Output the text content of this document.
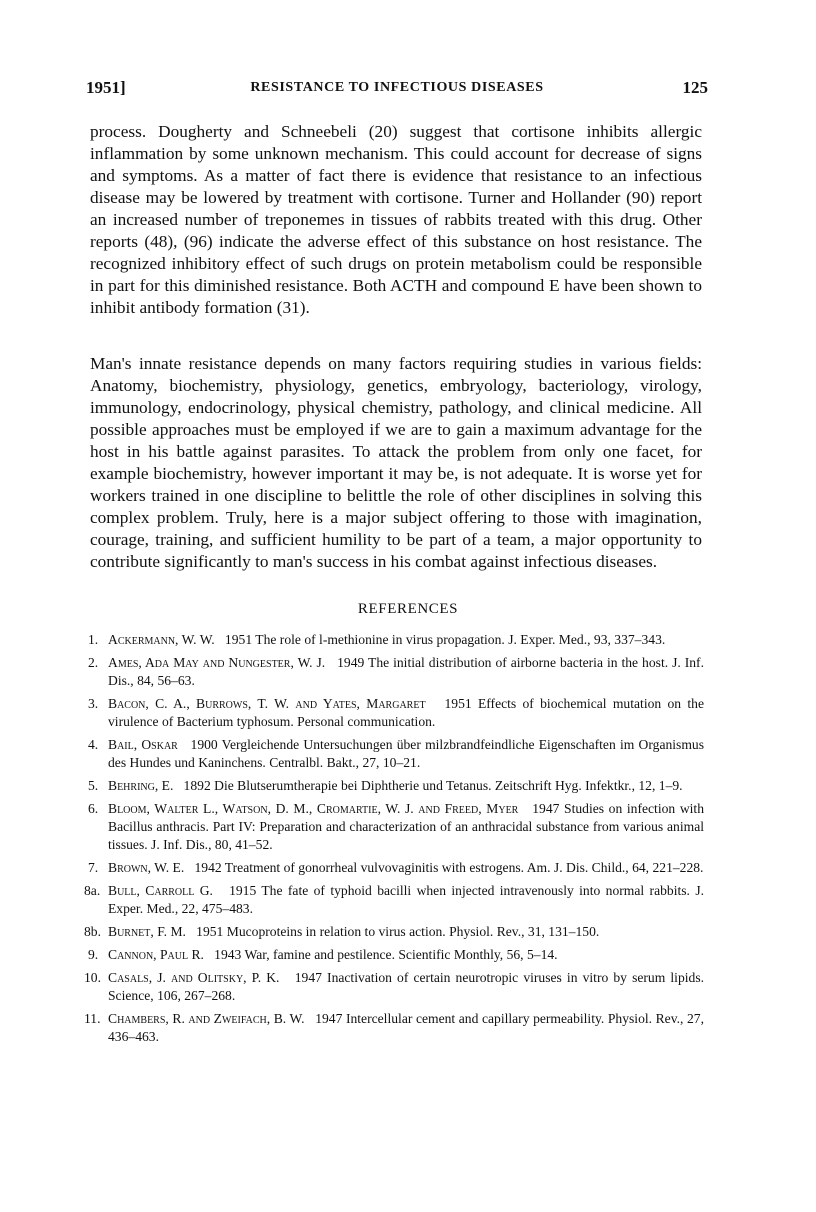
1951]	RESISTANCE TO INFECTIOUS DISEASES	125

process. Dougherty and Schneebeli (20) suggest that cortisone inhibits allergic inflammation by some unknown mechanism. This could account for decrease of signs and symptoms. As a matter of fact there is evidence that resistance to an infectious disease may be lowered by treatment with cortisone. Turner and Hollander (90) report an increased number of treponemes in tissues of rabbits treated with this drug. Other reports (48), (96) indicate the adverse effect of this substance on host resistance. The recognized inhibitory effect of such drugs on protein metabolism could be responsible in part for this diminished resistance. Both ACTH and compound E have been shown to inhibit antibody formation (31).

Man's innate resistance depends on many factors requiring studies in various fields: Anatomy, biochemistry, physiology, genetics, embryology, bacteriology, virology, immunology, endocrinology, physical chemistry, pathology, and clinical medicine. All possible approaches must be employed if we are to gain a maximum advantage for the host in his battle against parasites. To attack the problem from only one facet, for example biochemistry, however important it may be, is not adequate. It is worse yet for workers trained in one discipline to belittle the role of other disciplines in solving this complex problem. Truly, here is a major subject offering to those with imagination, courage, training, and sufficient humility to be part of a team, a major opportunity to contribute significantly to man's success in his combat against infectious diseases.

REFERENCES
1. Ackermann, W. W.   1951 The role of l-methionine in virus propagation. J. Exper. Med., 93, 337–343.
2. Ames, Ada May and Nungester, W. J.   1949 The initial distribution of airborne bacteria in the host. J. Inf. Dis., 84, 56–63.
3. Bacon, C. A., Burrows, T. W. and Yates, Margaret   1951 Effects of biochemical mutation on the virulence of Bacterium typhosum. Personal communication.
4. Bail, Oskar   1900 Vergleichende Untersuchungen über milzbrandfeindliche Eigenschaften im Organismus des Hundes und Kaninchens. Centralbl. Bakt., 27, 10–21.
5. Behring, E.   1892 Die Blutserumtherapie bei Diphtherie und Tetanus. Zeitschrift Hyg. Infektkr., 12, 1–9.
6. Bloom, Walter L., Watson, D. M., Cromartie, W. J. and Freed, Myer   1947 Studies on infection with Bacillus anthracis. Part IV: Preparation and characterization of an anthracidal substance from various animal tissues. J. Inf. Dis., 80, 41–52.
7. Brown, W. E.   1942 Treatment of gonorrheal vulvovaginitis with estrogens. Am. J. Dis. Child., 64, 221–228.
8a. Bull, Carroll G.   1915 The fate of typhoid bacilli when injected intravenously into normal rabbits. J. Exper. Med., 22, 475–483.
8b. Burnet, F. M.   1951 Mucoproteins in relation to virus action. Physiol. Rev., 31, 131–150.
9. Cannon, Paul R.   1943 War, famine and pestilence. Scientific Monthly, 56, 5–14.
10. Casals, J. and Olitsky, P. K.   1947 Inactivation of certain neurotropic viruses in vitro by serum lipids. Science, 106, 267–268.
11. Chambers, R. and Zweifach, B. W.   1947 Intercellular cement and capillary permeability. Physiol. Rev., 27, 436–463.
